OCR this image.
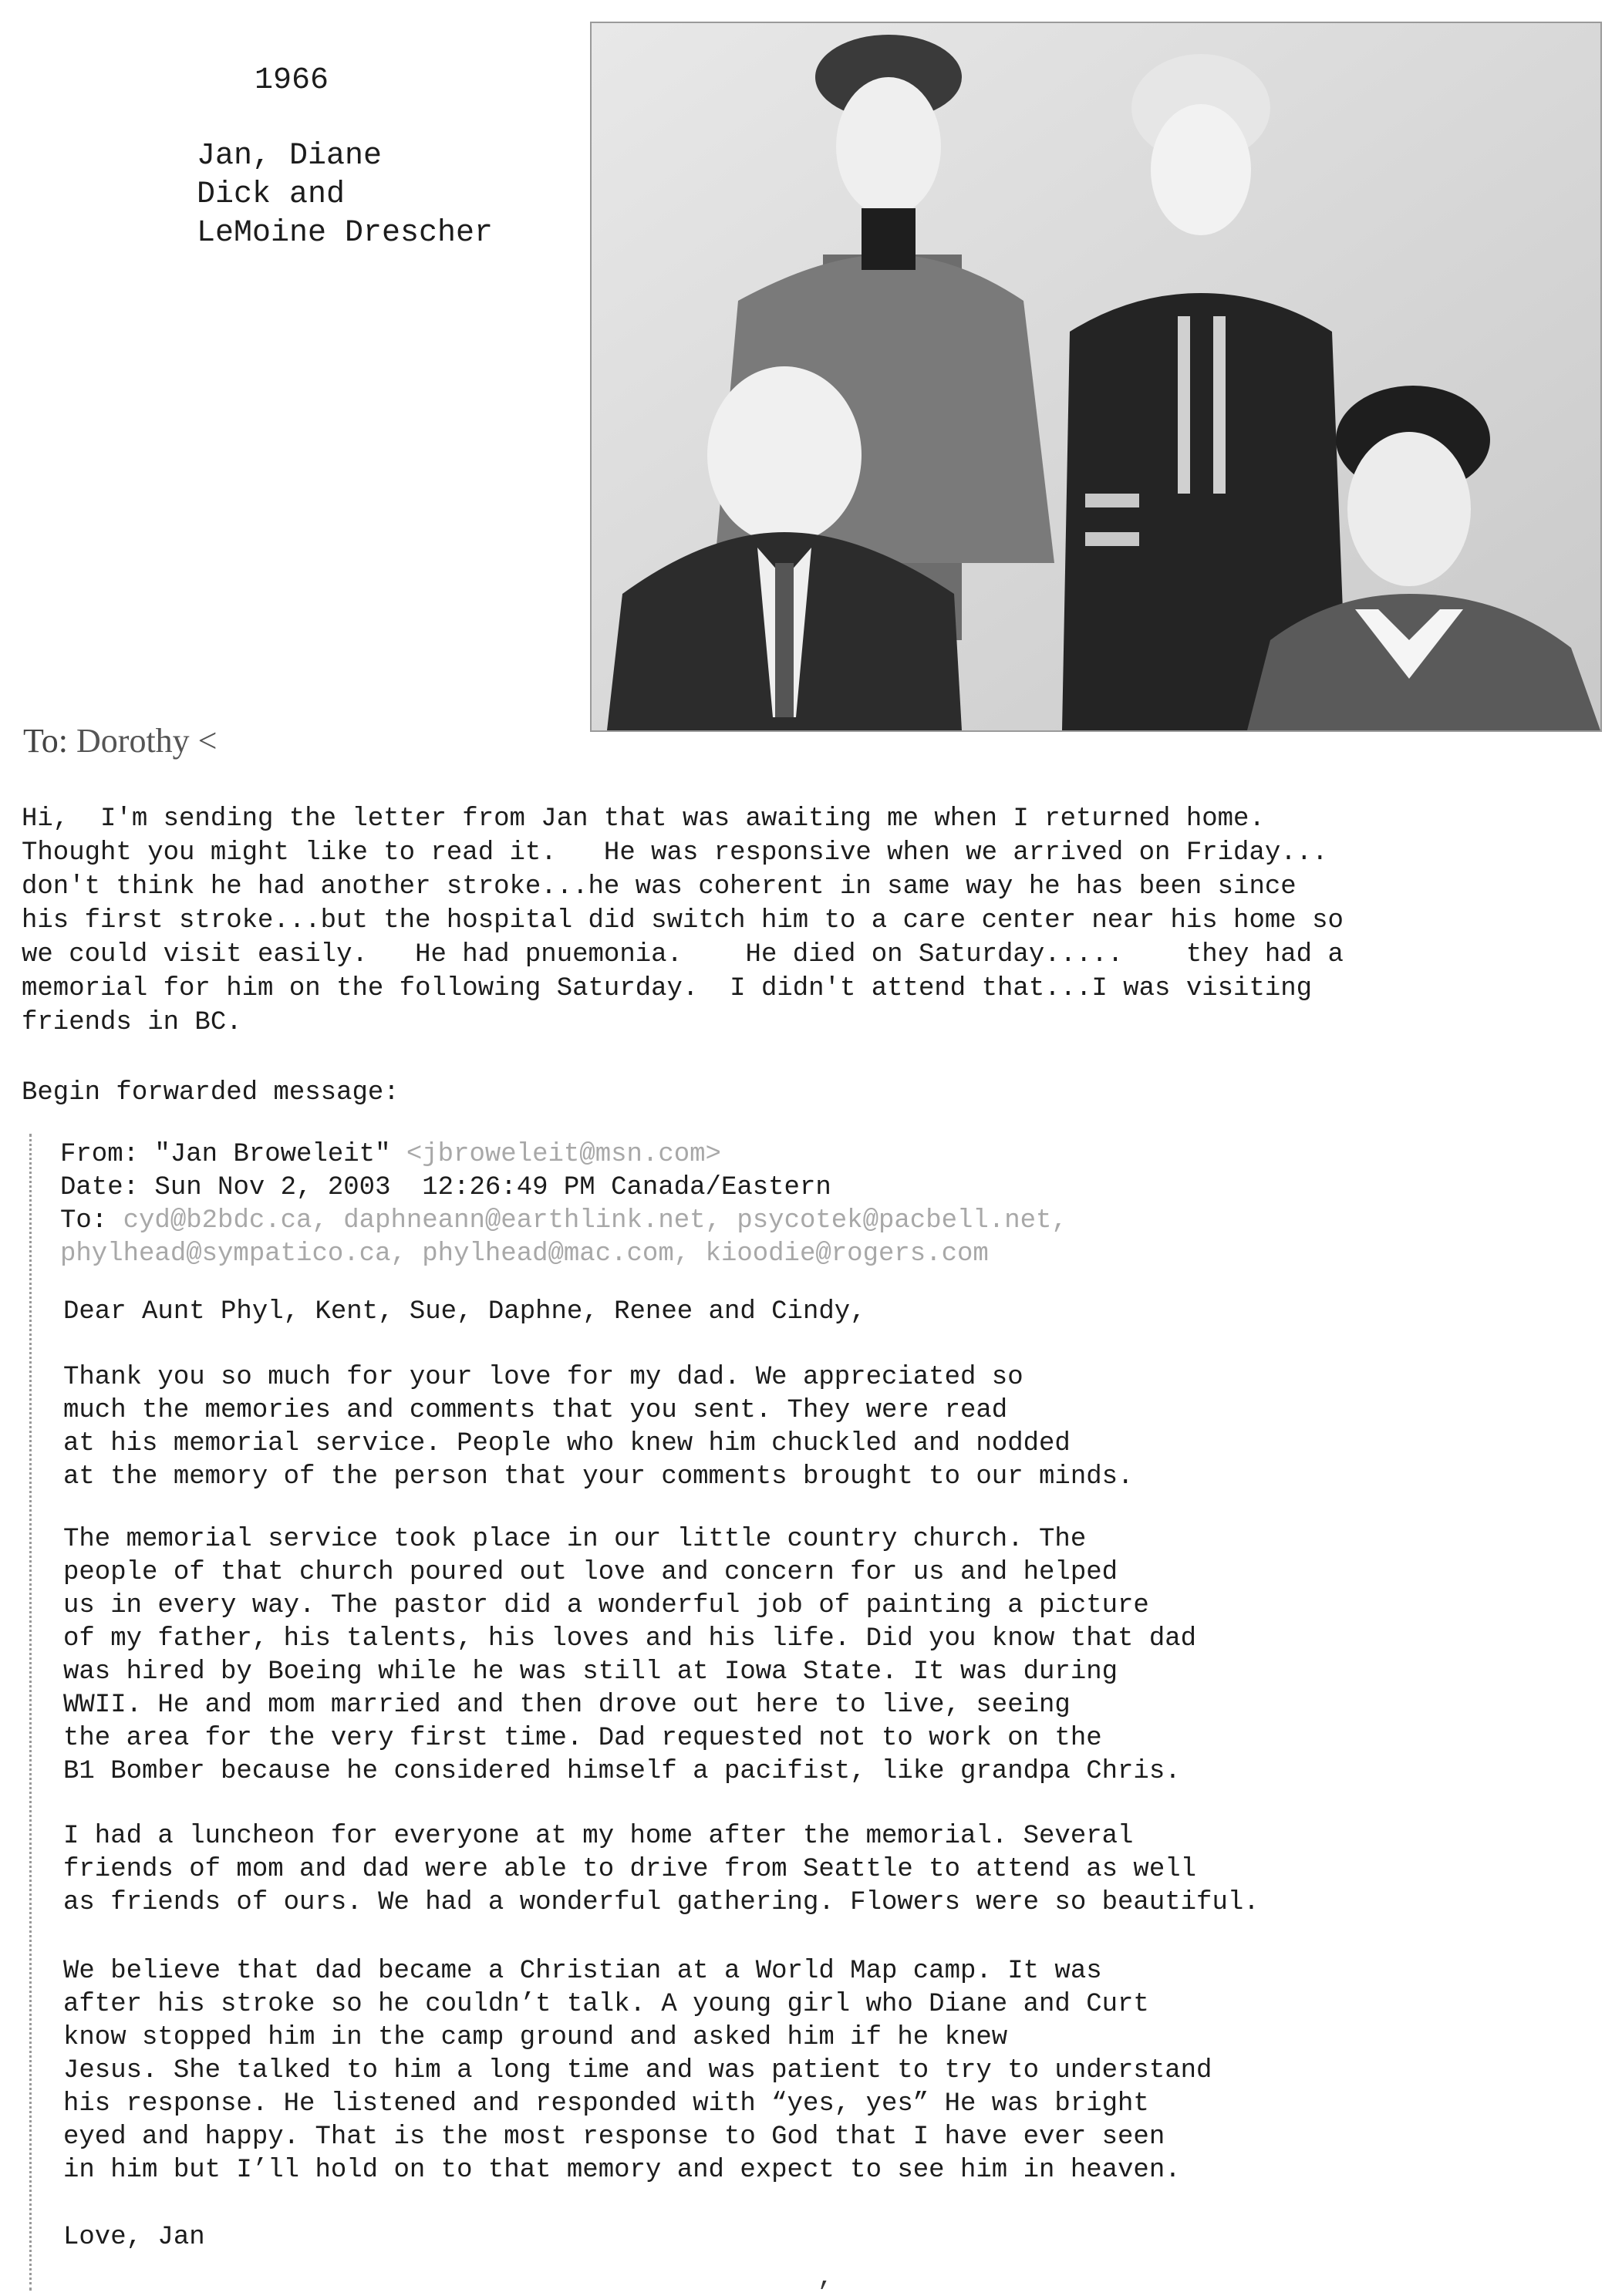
1966
Jan, Diane
Dick and
LeMoine Drescher
To: Dorothy <
Hi,  I'm sending the letter from Jan that was awaiting me when I returned home.
Thought you might like to read it.   He was responsive when we arrived on Friday...
don't think he had another stroke...he was coherent in same way he has been since
his first stroke...but the hospital did switch him to a care center near his home so
we could visit easily.   He had pnuemonia.    He died on Saturday.....    they had a
memorial for him on the following Saturday.  I didn't attend that...I was visiting
friends in BC.
Begin forwarded message:
From: "Jan Broweleit" <jbroweleit@msn.com>
Date: Sun Nov 2, 2003  12:26:49 PM Canada/Eastern
To: cyd@b2bdc.ca, daphneann@earthlink.net, psycotek@pacbell.net,
phylhead@sympatico.ca, phylhead@mac.com, kioodie@rogers.com
Dear Aunt Phyl, Kent, Sue, Daphne, Renee and Cindy,
Thank you so much for your love for my dad. We appreciated so
much the memories and comments that you sent. They were read
at his memorial service. People who knew him chuckled and nodded
at the memory of the person that your comments brought to our minds.
The memorial service took place in our little country church. The
people of that church poured out love and concern for us and helped
us in every way. The pastor did a wonderful job of painting a picture
of my father, his talents, his loves and his life. Did you know that dad
was hired by Boeing while he was still at Iowa State. It was during
WWII. He and mom married and then drove out here to live, seeing
the area for the very first time. Dad requested not to work on the
B1 Bomber because he considered himself a pacifist, like grandpa Chris.
I had a luncheon for everyone at my home after the memorial. Several
friends of mom and dad were able to drive from Seattle to attend as well
as friends of ours. We had a wonderful gathering. Flowers were so beautiful.
We believe that dad became a Christian at a World Map camp. It was
after his stroke so he couldn’t talk. A young girl who Diane and Curt
know stopped him in the camp ground and asked him if he knew
Jesus. She talked to him a long time and was patient to try to understand
his response. He listened and responded with “yes, yes” He was bright
eyed and happy. That is the most response to God that I have ever seen
in him but I’ll hold on to that memory and expect to see him in heaven.
Love, Jan
,
